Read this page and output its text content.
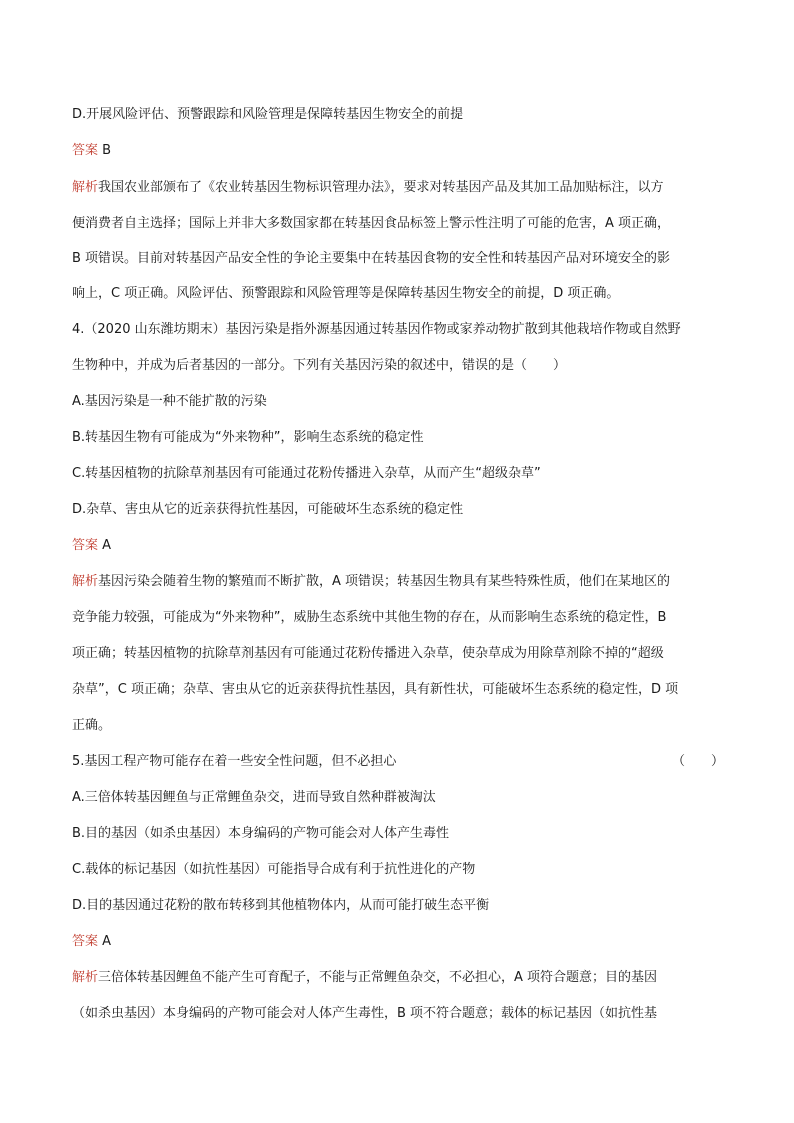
D.开展风险评估、预警跟踪和风险管理是保障转基因生物安全的前提
答案 B
解析我国农业部颁布了《农业转基因生物标识管理办法》，要求对转基因产品及其加工品加贴标注，以方
便消费者自主选择；国际上并非大多数国家都在转基因食品标签上警示性注明了可能的危害，A 项正确，
B 项错误。目前对转基因产品安全性的争论主要集中在转基因食物的安全性和转基因产品对环境安全的影
响上，C 项正确。风险评估、预警跟踪和风险管理等是保障转基因生物安全的前提，D 项正确。
4.（2020 山东潍坊期末）基因污染是指外源基因通过转基因作物或家养动物扩散到其他栽培作物或自然野
生物种中，并成为后者基因的一部分。下列有关基因污染的叙述中，错误的是（　　）
A.基因污染是一种不能扩散的污染
B.转基因生物有可能成为“外来物种”，影响生态系统的稳定性
C.转基因植物的抗除草剂基因有可能通过花粉传播进入杂草，从而产生“超级杂草”
D.杂草、害虫从它的近亲获得抗性基因，可能破坏生态系统的稳定性
答案 A
解析基因污染会随着生物的繁殖而不断扩散，A 项错误；转基因生物具有某些特殊性质，他们在某地区的
竞争能力较强，可能成为“外来物种”，威胁生态系统中其他生物的存在，从而影响生态系统的稳定性，B
项正确；转基因植物的抗除草剂基因有可能通过花粉传播进入杂草，使杂草成为用除草剂除不掉的“超级
杂草”，C 项正确；杂草、害虫从它的近亲获得抗性基因，具有新性状，可能破坏生态系统的稳定性，D 项
正确。
5.基因工程产物可能存在着一些安全性问题，但不必担心	（　　）
A.三倍体转基因鲤鱼与正常鲤鱼杂交，进而导致自然种群被淘汰
B.目的基因（如杀虫基因）本身编码的产物可能会对人体产生毒性
C.载体的标记基因（如抗性基因）可能指导合成有利于抗性进化的产物
D.目的基因通过花粉的散布转移到其他植物体内，从而可能打破生态平衡
答案 A
解析三倍体转基因鲤鱼不能产生可育配子，不能与正常鲤鱼杂交，不必担心，A 项符合题意；目的基因
（如杀虫基因）本身编码的产物可能会对人体产生毒性，B 项不符合题意；载体的标记基因（如抗性基
